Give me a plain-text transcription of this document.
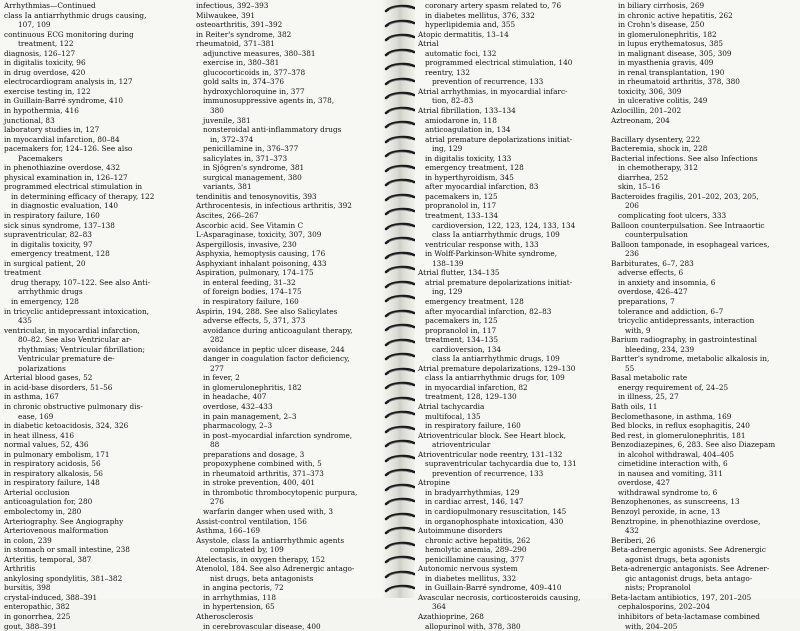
Arrhythmias—Continued
class Ia antiarrhythmic drugs causing,
107, 109
continuous ECG monitoring during
treatment, 122
diagnosis, 126–127
in digitalis toxicity, 96
in drug overdose, 420
electrocardiogram analysis in, 127
exercise testing in, 122
in Guillain-Barré syndrome, 410
in hypothermia, 416
junctional, 83
laboratory studies in, 127
in myocardial infarction, 80–84
pacemakers for, 124–126. See also
Pacemakers
in phenothiazine overdose, 432
physical examination in, 126–127
programmed electrical stimulation in
in determining efficacy of therapy, 122
in diagnostic evaluation, 140
in respiratory failure, 160
sick sinus syndrome, 137–138
supraventricular, 82–83
in digitalis toxicity, 97
emergency treatment, 128
in surgical patient, 20
treatment
drug therapy, 107–122. See also Anti-
arrhythmic drugs
in emergency, 128
in tricyclic antidepressant intoxication,
435
ventricular, in myocardial infarction,
80–82. See also Ventricular ar-
rhythmias; Ventricular fibrillation;
Ventricular premature de-
polarizations
Arterial blood gases, 52
in acid-base disorders, 51–56
in asthma, 167
in chronic obstructive pulmonary dis-
ease, 169
in diabetic ketoacidosis, 324, 326
in heat illness, 416
normal values, 52, 436
in pulmonary embolism, 171
in respiratory acidosis, 56
in respiratory alkalosis, 56
in respiratory failure, 148
Arterial occlusion
anticoagulation for, 280
embolectomy in, 280
Arteriography. See Angiography
Arteriovenous malformation
in colon, 239
in stomach or small intestine, 238
Arteritis, temporal, 387
Arthritis
ankylosing spondylitis, 381–382
bursitis, 398
crystal-induced, 388–391
enteropathic, 382
in gonorrhea, 225
gout, 388–391
infectious, 392–393
Milwaukee, 391
osteoarthritis, 391–392
in Reiter's syndrome, 382
rheumatoid, 371–381
adjunctive measures, 380–381
exercise in, 380–381
glucocorticoids in, 377–378
gold salts in, 374–376
hydroxychloroquine in, 377
immunosuppressive agents in, 378,
380
juvenile, 381
nonsteroidal anti-inflammatory drugs
in, 372–374
penicillamine in, 376–377
salicylates in, 371–373
in Sjögren's syndrome, 381
surgical management, 380
variants, 381
tendinitis and tenosynovitis, 393
Arthrocentesis, in infectious arthritis, 392
Ascites, 266–267
Ascorbic acid. See Vitamin C
L-Asparaginase, toxicity, 307, 309
Aspergillosis, invasive, 230
Asphyxia, hemoptysis causing, 176
Asphyxiant inhalant poisoning, 433
Aspiration, pulmonary, 174–175
in enteral feeding, 31–32
of foreign bodies, 174–175
in respiratory failure, 160
Aspirin, 194, 288. See also Salicylates
adverse effects, 5, 371, 373
avoidance during anticoagulant therapy,
282
avoidance in peptic ulcer disease, 244
danger in coagulation factor deficiency,
277
in fever, 2
in glomerulonephritis, 182
in headache, 407
overdose, 432–433
in pain management, 2–3
pharmacology, 2–3
in post–myocardial infarction syndrome,
88
preparations and dosage, 3
propoxyphene combined with, 5
in rheumatoid arthritis, 371–373
in stroke prevention, 400, 401
in thrombotic thrombocytopenic purpura,
276
warfarin danger when used with, 3
Assist-control ventilation, 156
Asthma, 166–169
Asystole, class Ia antiarrhythmic agents
complicated by, 109
Atelectasis, in oxygen therapy, 152
Atenolol, 184. See also Adrenergic antago-
nist drugs, beta antagonists
in angina pectoris, 72
in arrhythmias, 118
in hypertension, 65
Atherosclerosis
in cerebrovascular disease, 400
coronary artery spasm related to, 76
in diabetes mellitus, 376, 332
hyperlipidemia and, 355
Atopic dermatitis, 13–14
Atrial
automatic foci, 132
programmed electrical stimulation, 140
reentry, 132
prevention of recurrence, 133
Atrial arrhythmias, in myocardial infarc-
tion, 82–83
Atrial fibrillation, 133–134
amiodarone in, 118
anticoagulation in, 134
atrial premature depolarizations initiat-
ing, 129
in digitalis toxicity, 133
emergency treatment, 128
in hyperthyroidism, 345
after myocardial infarction, 83
pacemakers in, 125
propranolol in, 117
treatment, 133–134
cardioversion, 122, 123, 124, 133, 134
class Ia antiarrhythmic drugs, 109
ventricular response with, 133
in Wolff-Parkinson-White syndrome,
138–139
Atrial flutter, 134–135
atrial premature depolarizations initiat-
ing, 129
emergency treatment, 128
after myocardial infarction, 82–83
pacemakers in, 125
propranolol in, 117
treatment, 134–135
cardioversion, 134
class Ia antiarrhythmic drugs, 109
Atrial premature depolarizations, 129–130
class Ia antiarrhythmic drugs for, 109
in myocardial infarction, 82
treatment, 128, 129–130
Atrial tachycardia
multifocal, 135
in respiratory failure, 160
Atrioventricular block. See Heart block,
atrioventricular
Atrioventricular node reentry, 131–132
supraventricular tachycardia due to, 131
prevention of recurrence, 133
Atropine
in bradyarrhythmias, 129
in cardiac arrest, 146, 147
in cardiopulmonary resuscitation, 145
in organophosphate intoxication, 430
Autoimmune disorders
chronic active hepatitis, 262
hemolytic anemia, 289–290
penicillamine causing, 377
Autonomic nervous system
in diabetes mellitus, 332
in Guillain-Barré syndrome, 409–410
Avascular necrosis, corticosteroids causing,
364
Azathioprine, 268
allopurinol with, 378, 380
in biliary cirrhosis, 269
in chronic active hepatitis, 262
in Crohn's disease, 250
in glomerulonephritis, 182
in lupus erythematosus, 385
in malignant disease, 305, 309
in myasthenia gravis, 409
in renal transplantation, 190
in rheumatoid arthritis, 378, 380
toxicity, 306, 309
in ulcerative colitis, 249
Azlocillin, 201–202
Aztreonam, 204

Bacillary dysentery, 222
Bacteremia, shock in, 228
Bacterial infections. See also Infections
in chemotherapy, 312
diarrhea, 252
skin, 15–16
Bacteroides fragilis, 201–202, 203, 205,
206
complicating foot ulcers, 333
Balloon counterpulsation. See Intraaortic
counterpulsation
Balloon tamponade, in esophageal varices,
236
Barbiturates, 6–7, 283
adverse effects, 6
in anxiety and insomnia, 6
overdose, 426–427
preparations, 7
tolerance and addiction, 6–7
tricyclic antidepressants, interaction
with, 9
Barium radiography, in gastrointestinal
bleeding, 234, 239
Bartter's syndrome, metabolic alkalosis in,
55
Basal metabolic rate
energy requirement of, 24–25
in illness, 25, 27
Bath oils, 11
Beclomethasone, in asthma, 169
Bed blocks, in reflux esophagitis, 240
Bed rest, in glomerulonephritis, 181
Benzodiazepines, 6, 283. See also Diazepam
in alcohol withdrawal, 404–405
cimetidine interaction with, 6
in nausea and vomiting, 311
overdose, 427
withdrawal syndrome to, 6
Benzophenones, as sunscreens, 13
Benzoyl peroxide, in acne, 13
Benztropine, in phenothiazine overdose,
432
Beriberi, 26
Beta-adrenergic agonists. See Adrenergic
agonist drugs, beta agonists
Beta-adrenergic antagonists. See Adrener-
gic antagonist drugs, beta antago-
nists; Propranolol
Beta-lactam antibiotics, 197, 201–205
cephalosporins, 202–204
inhibitors of beta-lactamase combined
with, 204–205
